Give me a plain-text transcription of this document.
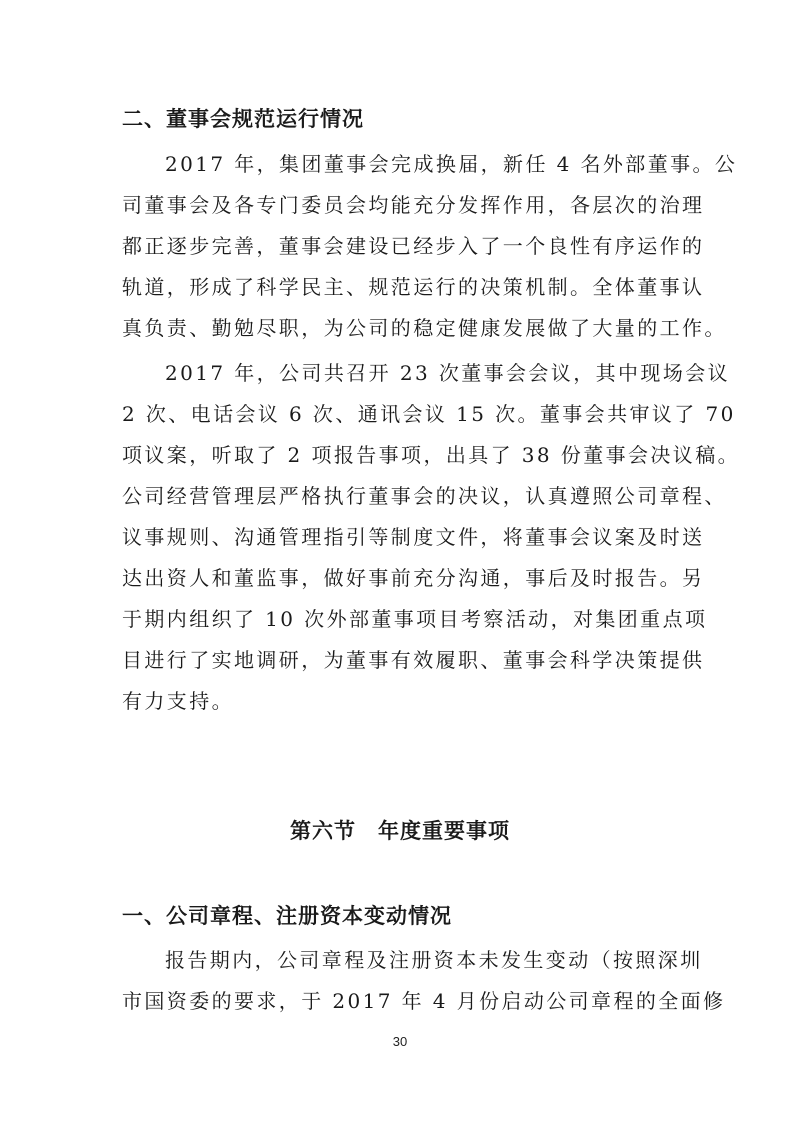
二、董事会规范运行情况

2017 年，集团董事会完成换届，新任 4 名外部董事。公

司董事会及各专门委员会均能充分发挥作用，各层次的治理

都正逐步完善，董事会建设已经步入了一个良性有序运作的

轨道，形成了科学民主、规范运行的决策机制。全体董事认

真负责、勤勉尽职，为公司的稳定健康发展做了大量的工作。

2017 年，公司共召开 23 次董事会会议，其中现场会议

2 次、电话会议 6 次、通讯会议 15 次。董事会共审议了 70

项议案，听取了 2 项报告事项，出具了 38 份董事会决议稿。

公司经营管理层严格执行董事会的决议，认真遵照公司章程、

议事规则、沟通管理指引等制度文件，将董事会议案及时送

达出资人和董监事，做好事前充分沟通，事后及时报告。另

于期内组织了 10 次外部董事项目考察活动，对集团重点项

目进行了实地调研，为董事有效履职、董事会科学决策提供

有力支持。

第六节　年度重要事项
一、公司章程、注册资本变动情况

报告期内，公司章程及注册资本未发生变动（按照深圳

市国资委的要求，于 2017 年 4 月份启动公司章程的全面修

30
